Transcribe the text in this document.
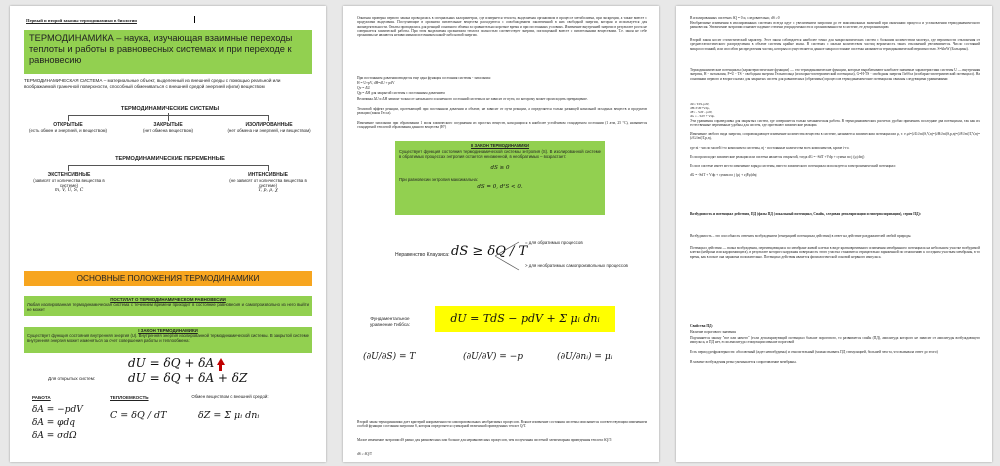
Первый и второй законы термодинамики в биологии
ТЕРМОДИНАМИКА – наука, изучающая взаимные переходы теплоты и работы в равновесных системах и при переходе к равновесию
ТЕРМОДИНАМИЧЕСКАЯ СИСТЕМА – материальные объект, выделенный из внешней среды с помощью реальной или воображаемой граничной поверхности, способный обмениваться с внешней средой энергией и(или) веществом
ТЕРМОДИНАМИЧЕСКИЕ СИСТЕМЫ
ОТКРЫТЫЕ
(есть обмен и энергией, и веществом)
ЗАКРЫТЫЕ
(нет обмена веществом)
ИЗОЛИРОВАННЫЕ
(нет обмена ни энергией, ни веществом)
ТЕРМОДИНАМИЧЕСКИЕ ПЕРЕМЕННЫЕ
ЭКСТЕНСИВНЫЕ
(зависят от количества вещества в системе)
m, V, U, S, C
ИНТЕНСИВНЫЕ
(не зависят от количества вещества в системе)
T, p, ρ, χ
ОСНОВНЫЕ ПОЛОЖЕНИЯ ТЕРМОДИНАМИКИ
ПОСТУЛАТ О ТЕРМОДИНАМИЧЕСКОМ РАВНОВЕСИИ
Любая изолированная термодинамическая система с течением времени приходит в состояние равновесия и самопроизвольно из него выйти не может
I ЗАКОН ТЕРМОДИНАМИКИ
Существует функция состояния внутренняя энергия (U). Внутренняя энергия изолированной термодинамической системы. В закрытой системе внутренняя энергия может изменяться за счет совершения работы и теплообмена:
dU = δQ + δA
Для открытых систем:	dU = δQ + δA + δZ
РАБОТА	ТЕПЛОЕМКОСТЬ	Обмен веществом с внешней средой:
δA = −pdV
δA = φdq
δA = σdΩ
C = δQ / dT	δZ = Σ μᵢ dnᵢ
Опытная проверка первого закона проводилась в специальных калориметрах, где измеряется теплота, выделяемая организмом в процессе метаболизма, при экскреции, а также вместе с продуктами выделения. Поступающие в организм питательные вещества расходуются с освобождением заключенной в них свободной энергии, которая и используется для жизнедеятельности. Опыты проводились для реакций основного обмена за сравнительно короткое время и при постоянных условиях. Изменение внутренней энергии в результате роста не совершается химической работы. При этом выделяемая организмом теплота полностью соответствует энергии, поглощенной вместе с питательными веществами. Т.е. закон не себе организмы не являются независимыми источником какой-либо новой энергии.
При постоянном давлении вводится еще одна функция состояния системы - энтальпия:
H = U+pV, dH=dU + pdV
Qv = ΔU
Qp = ΔH для закрытой системы с постоянным давлением
Величины ΔU и ΔH зависят только от начального и конечного состояний системы и не зависят от пути, по которому может происходить превращение.
Тепловой эффект реакции, протекающей при постоянном давлении и объеме, не зависит от пути реакции, а определяется только разницей начальной исходных веществ и продуктов реакции (закон Гесса).
Изменение энтальпии при образовании 1 моля химического соединения из простых веществ, находящихся в наиболее устойчивом стандартном состоянии (1 атм, 25 °С), называется стандартной теплотой образования данного вещества (H°)
II ЗАКОН ТЕРМОДИНАМИКИ
Существует функция состояния термодинамической системы энтропия (S). В изолированной системе в обратимых процессах энтропия остается неизменной, в необратимых – возрастает:
dS ≥ 0
При равновесии энтропия максимальна:
dS = 0, d²S < 0.
Неравенство Клаузиса: dS ≥ δQ / T
= для обратимых процессов
> для необратимых самопроизвольных процессов
Фундаментальное уравнение Гиббса:	dU = TdS − pdV + Σ μᵢ dnᵢ
(∂U/∂S) = T	(∂U/∂V) = −p	(∂U/∂nᵢ) = μᵢ
Второй закон термодинамики дает критерий направленности самопроизвольных необратимых процессов. Всякое изменение состояния системы описывается соответствующим изменением особой функции состояния энтропии S, которая определяется суммарной величиной приведенных теплот Q/T.
Малое изменение энтропии dS равно для равновесных или больше для неравновесных процессов, чем полученная системой элементарная приведенная теплота δQ/T:
dS ≥ δQ/T
В изолированных системах δQ = 0 и, следовательно, dS ≥0
Необратимые изменения в изолированных системах всегда идут с увеличением энтропии до ее максимальных значений при окончании процесса и установлении термодинамического равновесия. Увеличение энтропии означает падение степени упорядоченности и организованности в системе, ее дезорганизацию.
Второй закон носит статистический характер. Этот закон соблюдается наиболее точно для макроскопических систем с большим количеством молекул, где вероятности отклонения от среднестатистического распределения в объеме системы крайне малы. В системах с малым количеством частиц вероятность таких отклонений увеличивается. Число состояний микросостояний, или способов распределения частиц, которым осуществляется данное макросостояние системы называется термодинамической вероятностью. S=klnW (Больцман).
Термодинамические потенциалы (характеристические функции) — это термодинамические функции, которые вырабатывают наиболее значимые характеристики системы U — внутренняя энергия, H - энтальпия, F=U - TS - свободная энергия Гельмгольца (изохорно-изотермический потенциал), G=H-TS - свободная энергия Гиббса (изобарно-изотермический потенциал). На основании первого и второго начал для закрытых систем для равновесных (обратимых) процессов термодинамические потенциалы связаны следующими уравнениями:
dU= TdS-pdV,
dH=TdS+Vdp,
dF= - SdT - pdV,
dG = - SdT + Vdp.
Эти уравнения справедливы для закрытых систем, где совершается только механическая работа. В термодинамических расчетах удобно применять последние два потенциала, так как их естественные переменные удобны для систем, где протекают химические реакции.
Изменение любого вида энергии, сопровождающее изменение количества вещества в системе, называется химическим потенциалом µ, т. е.µi=(∂U/∂ni)S,V,nj=(∂H/∂ni)S,p,nj=(∂F/∂ni)T,V,nj=(∂G/∂ni)T,p,nj,
где ni - число молей i-го компонента системы, nj - постоянные количества всех компонентов, кроме i-го.
Если происходят химические реакции или система является открытой, тогда dG = -SdT +Vdp + сумма по j (µj dnj)
Если в системе имеет место изменение заряда системы, вместо химического потенциала используется электрохимический потенциал:
dG = -SdT + Vdp + сумма по j (µj + zjFφ)dnj
Возбудимость и потенциал действия, ПД (фазы ПД (локальный потенциал, Спайк, следовая деполяризация и гиперполяризация), серия ПД):
Возбудимость – это способность отвечать возбуждением (генерацией потенциала действия) в ответ на действие раздражителей любой природы.
Потенциал действия — волна возбуждения, перемещающаяся по мембране живой клетки в виде кратковременного изменения мембранного потенциала на небольшом участке возбудимой клетки (нейрона или кардиомиоцита), в результате которого наружная поверхность этого участка становится отрицательно заряженной по отношению к соседним участкам мембраны, в то время, как в покое она заряжена положительно. Потенциал действия является физиологической основой нервного импульса.
Свойства ПД:
Наличие порогового значения
Подчиняется закону "все или ничего" (если деполяризующий потенциал больше порогового, то развивается спайк (ПД), амплитуда которого не зависит от амплитуды возбуждающего импульса, и ПД нет, если амплитуда стимуляции меньше пороговой
Есть период рефрактерности: абсолютный (ждет невозбудимы) и относительный (можно вызвать ПД стимуляцией, большей чем та, что вызывала ответ до этого)
В момент возбуждения резко уменьшается сопротивление мембраны.
